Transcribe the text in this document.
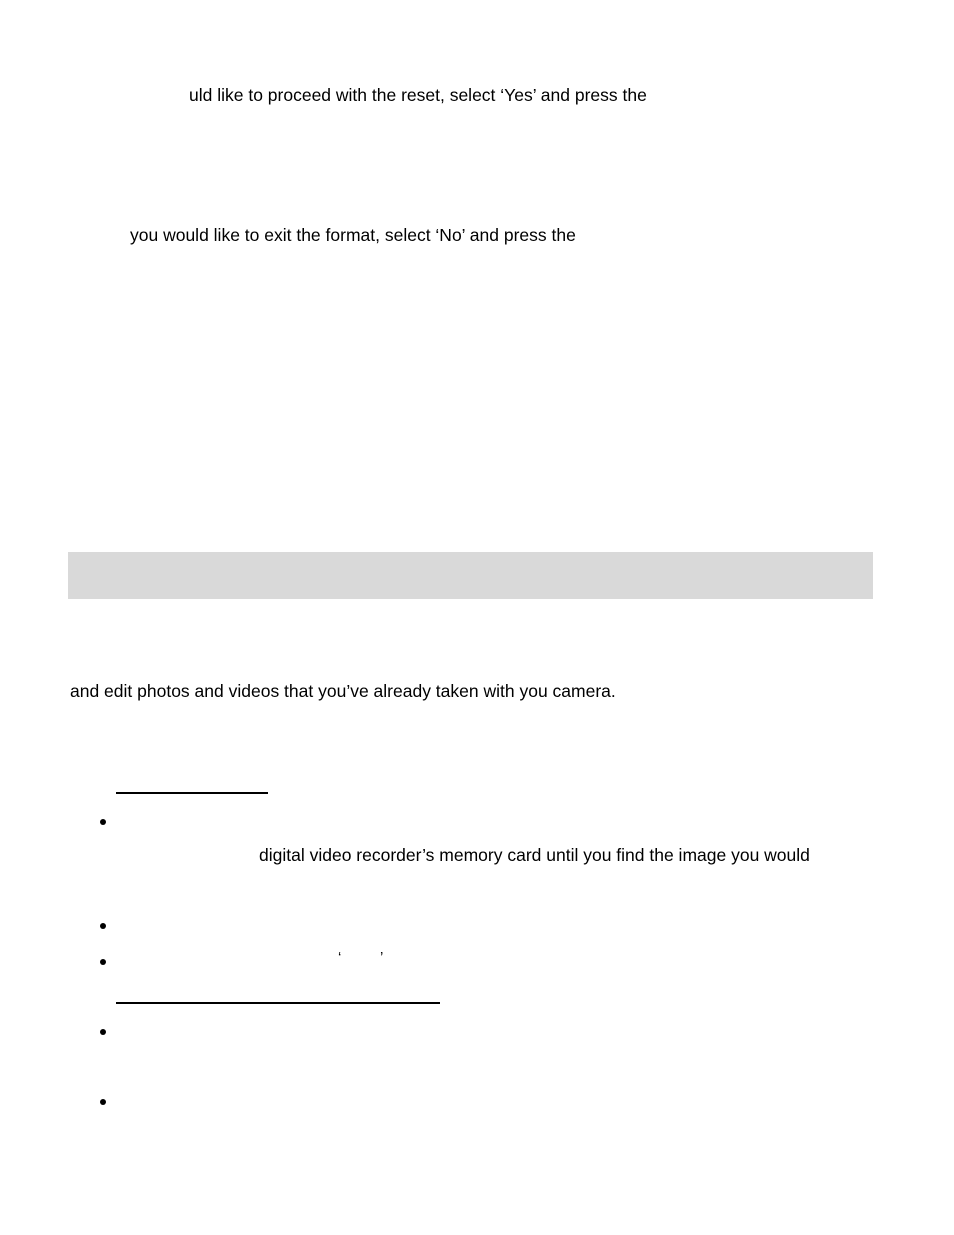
uld like to proceed with the reset, select ‘Yes’ and press the
you would like to exit the format, select ‘No’ and press the
and edit photos and videos that you’ve already taken with you camera.
digital video recorder’s memory card until you find the image you would
‘	’
